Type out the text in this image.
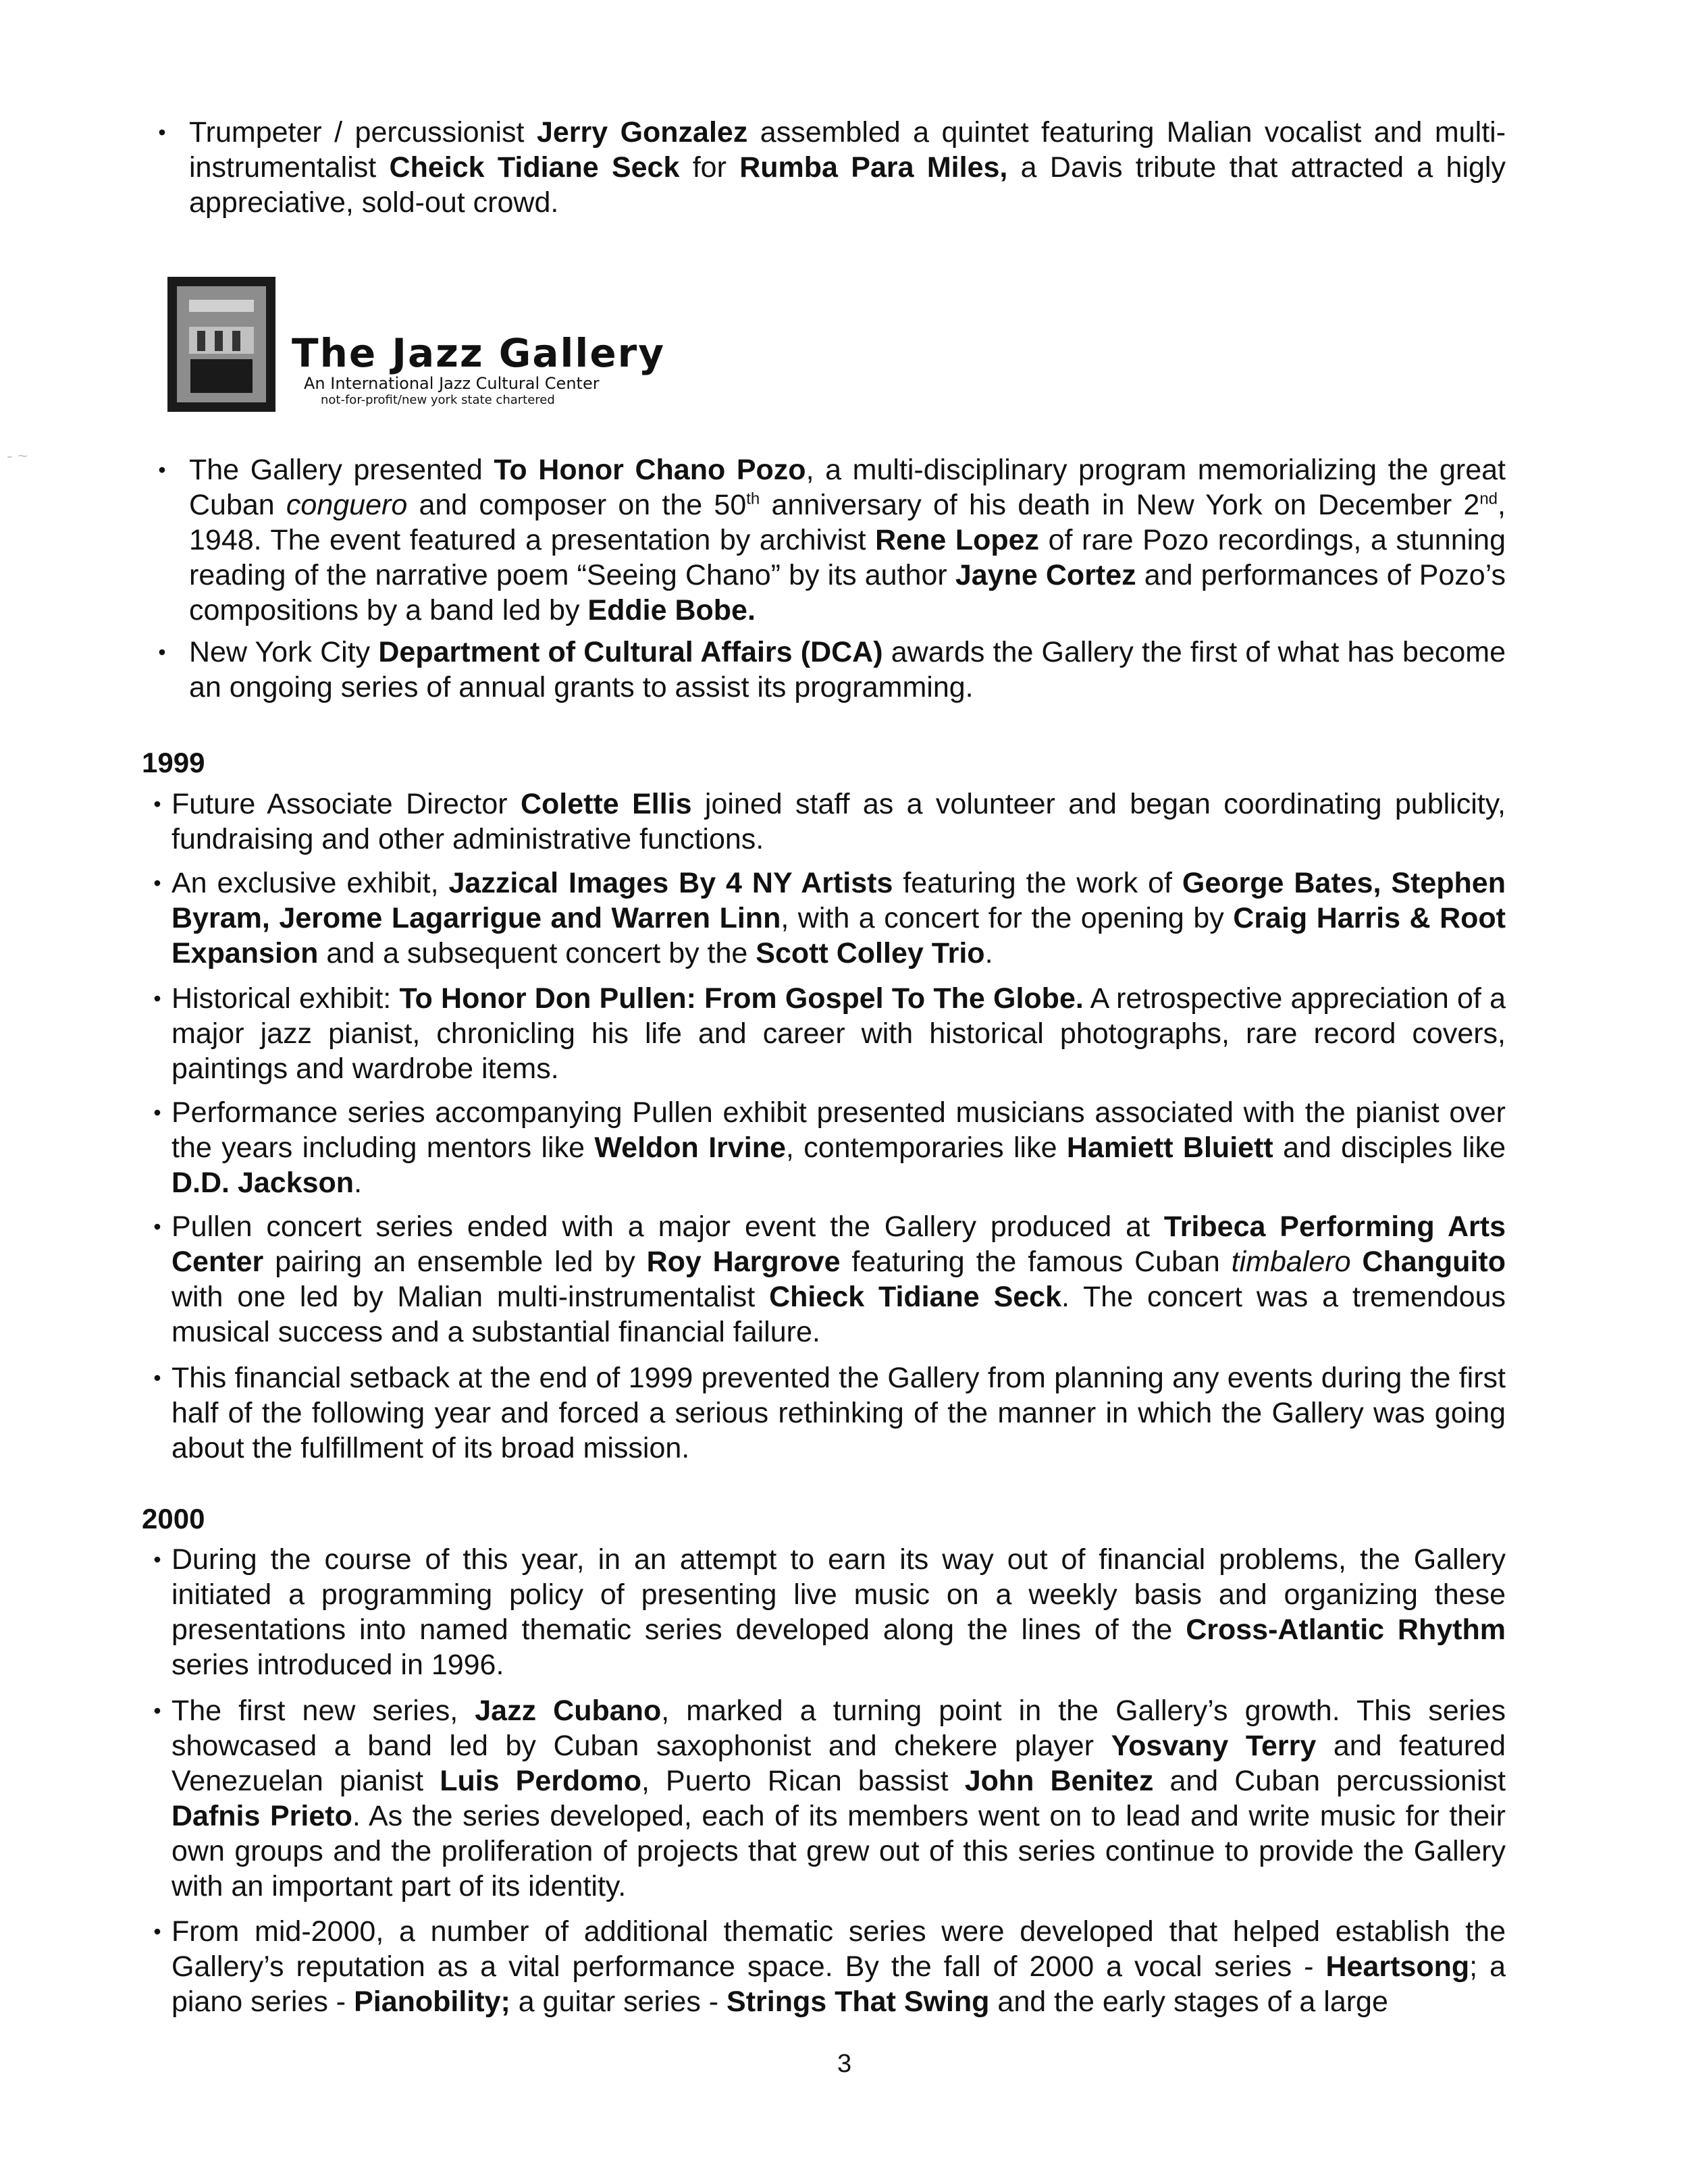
‐ ~
• Trumpeter / percussionist Jerry Gonzalez assembled a quintet featuring Malian vocalist and multi-instrumentalist Cheick Tidiane Seck for Rumba Para Miles, a Davis tribute that attracted a higly appreciative, sold-out crowd.
The Jazz Gallery
An International Jazz Cultural Center
not-for-profit/new york state chartered
• The Gallery presented To Honor Chano Pozo, a multi-disciplinary program memorializing the great Cuban conguero and composer on the 50th anniversary of his death in New York on December 2nd, 1948. The event featured a presentation by archivist Rene Lopez of rare Pozo recordings, a stunning reading of the narrative poem “Seeing Chano” by its author Jayne Cortez and performances of Pozo’s compositions by a band led by Eddie Bobe.
• New York City Department of Cultural Affairs (DCA) awards the Gallery the first of what has become an ongoing series of annual grants to assist its programming.
1999
• Future Associate Director Colette Ellis joined staff as a volunteer and began coordinating publicity, fundraising and other administrative functions.
• An exclusive exhibit, Jazzical Images By 4 NY Artists featuring the work of George Bates, Stephen Byram, Jerome Lagarrigue and Warren Linn, with a concert for the opening by Craig Harris & Root Expansion and a subsequent concert by the Scott Colley Trio.
• Historical exhibit: To Honor Don Pullen: From Gospel To The Globe. A retrospective appreciation of a major jazz pianist, chronicling his life and career with historical photographs, rare record covers, paintings and wardrobe items.
• Performance series accompanying Pullen exhibit presented musicians associated with the pianist over the years including mentors like Weldon Irvine, contemporaries like Hamiett Bluiett and disciples like D.D. Jackson.
• Pullen concert series ended with a major event the Gallery produced at Tribeca Performing Arts Center pairing an ensemble led by Roy Hargrove featuring the famous Cuban timbalero Changuito with one led by Malian multi-instrumentalist Chieck Tidiane Seck. The concert was a tremendous musical success and a substantial financial failure.
• This financial setback at the end of 1999 prevented the Gallery from planning any events during the first half of the following year and forced a serious rethinking of the manner in which the Gallery was going about the fulfillment of its broad mission.
2000
• During the course of this year, in an attempt to earn its way out of financial problems, the Gallery initiated a programming policy of presenting live music on a weekly basis and organizing these presentations into named thematic series developed along the lines of the Cross-Atlantic Rhythm series introduced in 1996.
• The first new series, Jazz Cubano, marked a turning point in the Gallery’s growth. This series showcased a band led by Cuban saxophonist and chekere player Yosvany Terry and featured Venezuelan pianist Luis Perdomo, Puerto Rican bassist John Benitez and Cuban percussionist Dafnis Prieto. As the series developed, each of its members went on to lead and write music for their own groups and the proliferation of projects that grew out of this series continue to provide the Gallery with an important part of its identity.
• From mid-2000, a number of additional thematic series were developed that helped establish the Gallery’s reputation as a vital performance space. By the fall of 2000 a vocal series - Heartsong; a piano series - Pianobility; a guitar series - Strings That Swing and the early stages of a large
3
